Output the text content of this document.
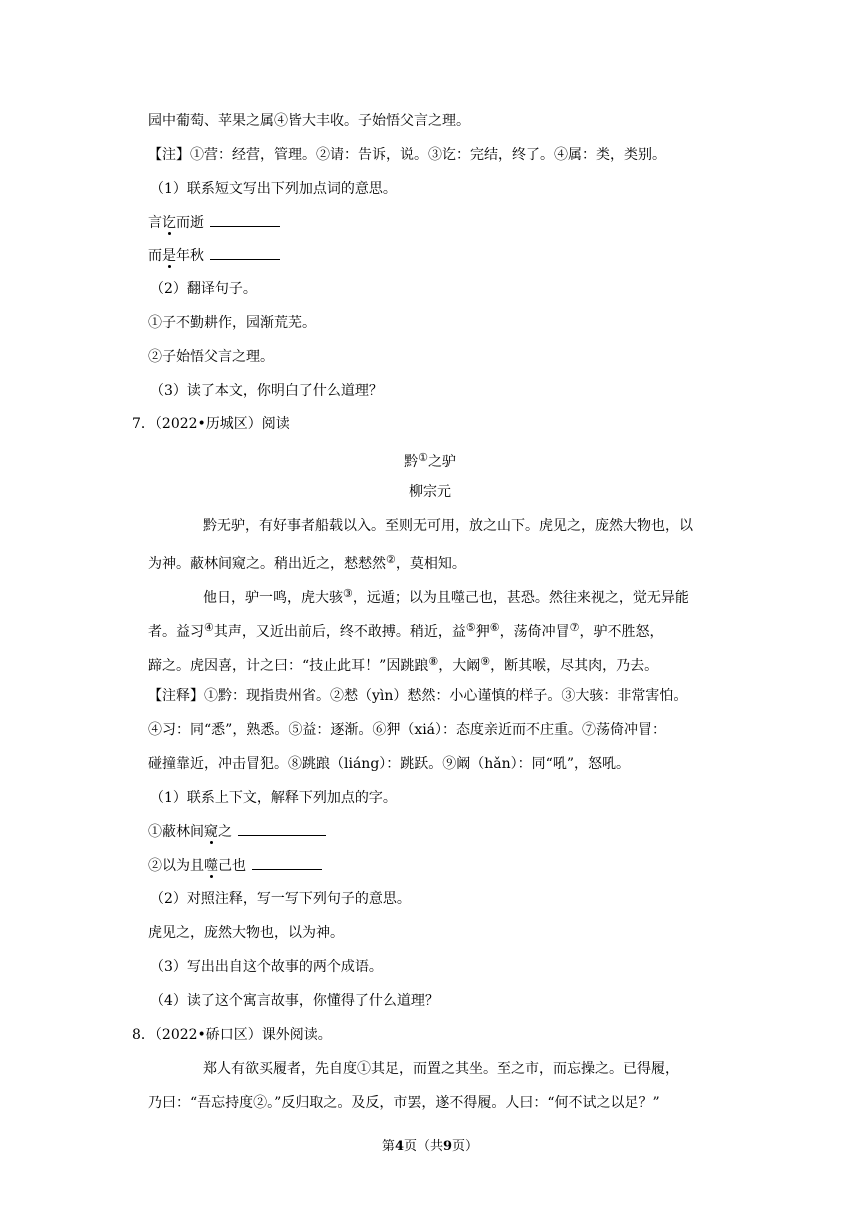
园中葡萄、苹果之属④皆大丰收。子始悟父言之理。
【注】①营：经营，管理。②请：告诉，说。③讫：完结，终了。④属：类，类别。
（1）联系短文写出下列加点词的意思。
言讫而逝
而是年秋
（2）翻译句子。
①子不勤耕作，园渐荒芜。
②子始悟父言之理。
（3）读了本文，你明白了什么道理？
7．（2022•历城区）阅读
黔①之驴
柳宗元
黔无驴，有好事者船载以入。至则无可用，放之山下。虎见之，庞然大物也，以
为神。蔽林间窥之。稍出近之，慭慭然②，莫相知。
他日，驴一鸣，虎大骇③，远遁；以为且噬己也，甚恐。然往来视之，觉无异能
者。益习④其声，又近出前后，终不敢搏。稍近，益⑤狎⑥，荡倚冲冒⑦，驴不胜怒，
蹄之。虎因喜，计之曰：“技止此耳！”因跳踉⑧，大阚⑨，断其喉，尽其肉，乃去。
【注释】①黔：现指贵州省。②慭（yìn）慭然：小心谨慎的样子。③大骇：非常害怕。
④习：同“悉”，熟悉。⑤益：逐渐。⑥狎（xiá）：态度亲近而不庄重。⑦荡倚冲冒：
碰撞靠近，冲击冒犯。⑧跳踉（liáng）：跳跃。⑨阚（hǎn）：同“吼”，怒吼。
（1）联系上下文，解释下列加点的字。
①蔽林间窥之
②以为且噬己也
（2）对照注释，写一写下列句子的意思。
虎见之，庞然大物也，以为神。
（3）写出出自这个故事的两个成语。
（4）读了这个寓言故事，你懂得了什么道理？
8．（2022•硚口区）课外阅读。
郑人有欲买履者，先自度①其足，而置之其坐。至之市，而忘操之。已得履，
乃曰：“吾忘持度②。”反归取之。及反，市罢，遂不得履。人曰：“何不试之以足？”
第4页（共9页）
